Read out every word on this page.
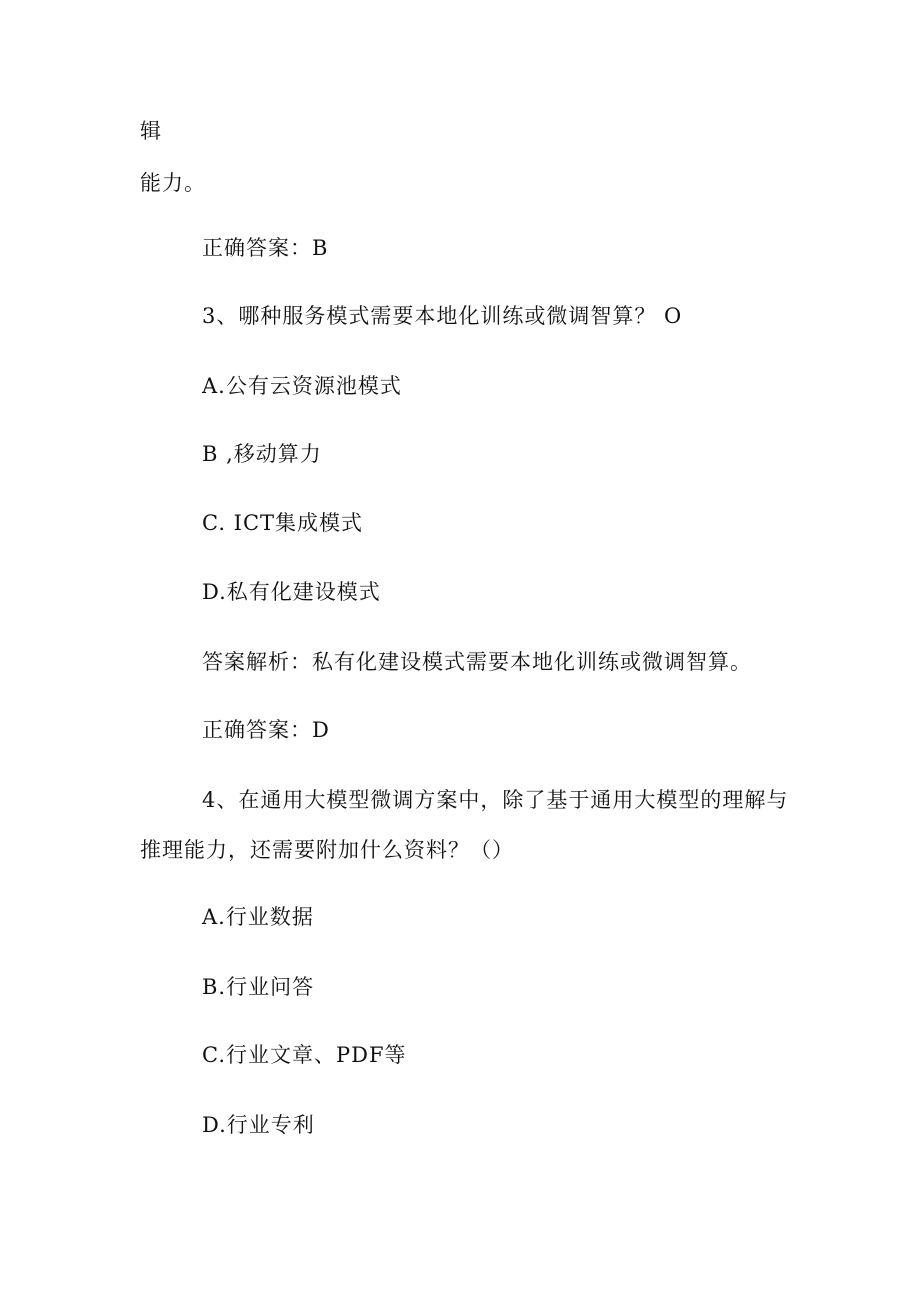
辑
能力。
正确答案：B
3、哪种服务模式需要本地化训练或微调智算？ O
A.公有云资源池模式
B ,移动算力
C. ICT集成模式
D.私有化建设模式
答案解析：私有化建设模式需要本地化训练或微调智算。
正确答案：D
4、在通用大模型微调方案中，除了基于通用大模型的理解与
推理能力，还需要附加什么资料？（）
A.行业数据
B.行业问答
C.行业文章、PDF等
D.行业专利
